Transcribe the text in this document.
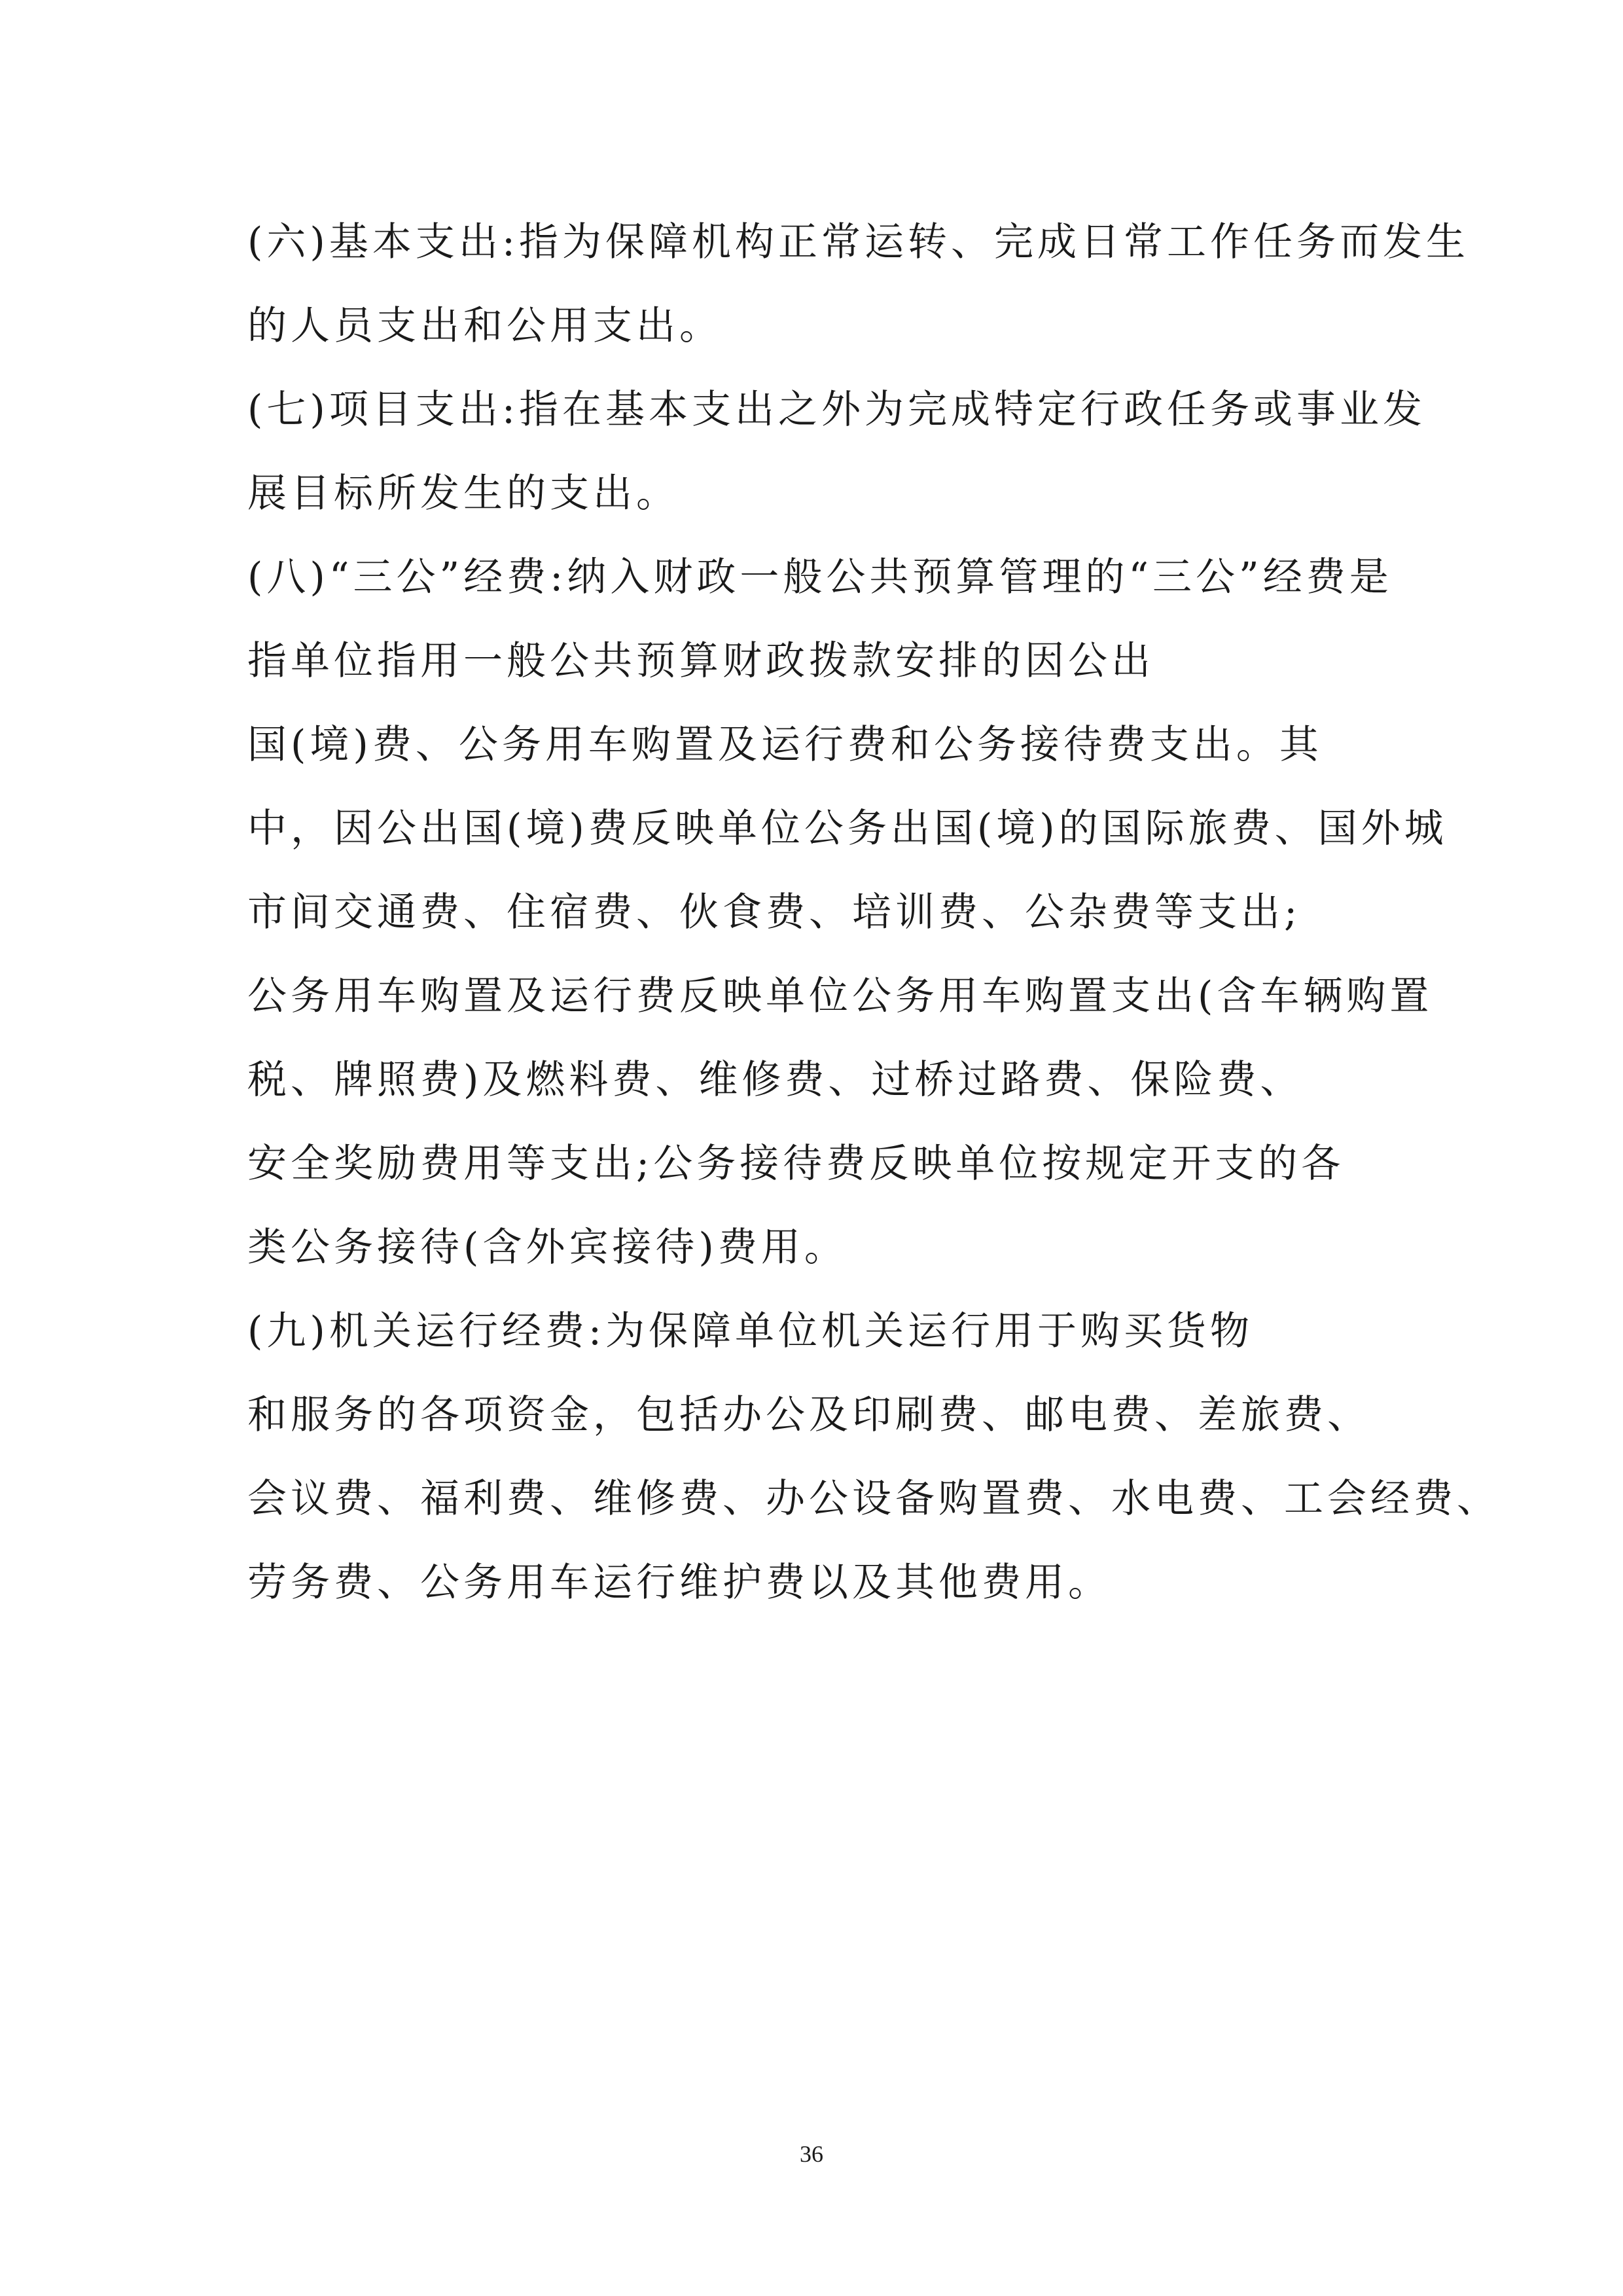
(六)基本支出:指为保障机构正常运转、完成日常工作任务而发生
的人员支出和公用支出。
(七)项目支出:指在基本支出之外为完成特定行政任务或事业发
展目标所发生的支出。
(八)“三公”经费:纳入财政一般公共预算管理的“三公”经费是
指单位指用一般公共预算财政拨款安排的因公出
国(境)费、公务用车购置及运行费和公务接待费支出。其
中，因公出国(境)费反映单位公务出国(境)的国际旅费、国外城
市间交通费、住宿费、伙食费、培训费、公杂费等支出;
公务用车购置及运行费反映单位公务用车购置支出(含车辆购置
税、牌照费)及燃料费、维修费、过桥过路费、保险费、
安全奖励费用等支出;公务接待费反映单位按规定开支的各
类公务接待(含外宾接待)费用。
(九)机关运行经费:为保障单位机关运行用于购买货物
和服务的各项资金，包括办公及印刷费、邮电费、差旅费、
会议费、福利费、维修费、办公设备购置费、水电费、工会经费、
劳务费、公务用车运行维护费以及其他费用。
36
